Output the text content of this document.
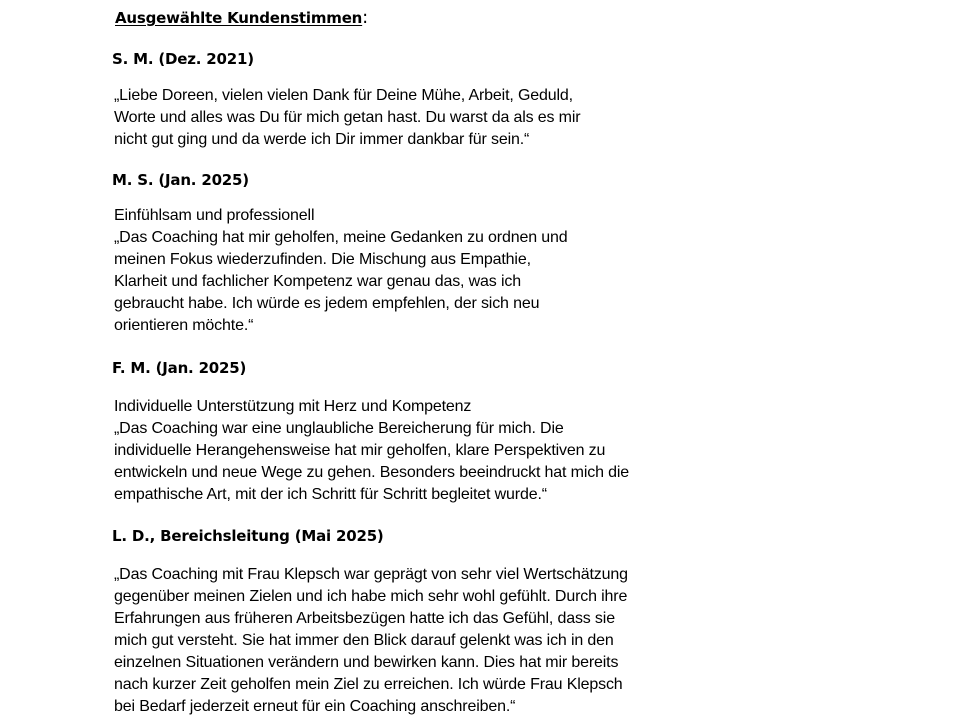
Ausgewählte Kundenstimmen:
S. M. (Dez. 2021)
„Liebe Doreen, vielen vielen Dank für Deine Mühe, Arbeit, Geduld,
Worte und alles was Du für mich getan hast. Du warst da als es mir
nicht gut ging und da werde ich Dir immer dankbar für sein.“
M. S. (Jan. 2025)
Einfühlsam und professionell
„Das Coaching hat mir geholfen, meine Gedanken zu ordnen und
meinen Fokus wiederzufinden. Die Mischung aus Empathie,
Klarheit und fachlicher Kompetenz war genau das, was ich
gebraucht habe. Ich würde es jedem empfehlen, der sich neu
orientieren möchte.“
F. M. (Jan. 2025)
Individuelle Unterstützung mit Herz und Kompetenz
„Das Coaching war eine unglaubliche Bereicherung für mich. Die
individuelle Herangehensweise hat mir geholfen, klare Perspektiven zu
entwickeln und neue Wege zu gehen. Besonders beeindruckt hat mich die
empathische Art, mit der ich Schritt für Schritt begleitet wurde.“
L. D., Bereichsleitung (Mai 2025)
„Das Coaching mit Frau Klepsch war geprägt von sehr viel Wertschätzung
gegenüber meinen Zielen und ich habe mich sehr wohl gefühlt. Durch ihre
Erfahrungen aus früheren Arbeitsbezügen hatte ich das Gefühl, dass sie
mich gut versteht. Sie hat immer den Blick darauf gelenkt was ich in den
einzelnen Situationen verändern und bewirken kann. Dies hat mir bereits
nach kurzer Zeit geholfen mein Ziel zu erreichen. Ich würde Frau Klepsch
bei Bedarf jederzeit erneut für ein Coaching anschreiben.“
